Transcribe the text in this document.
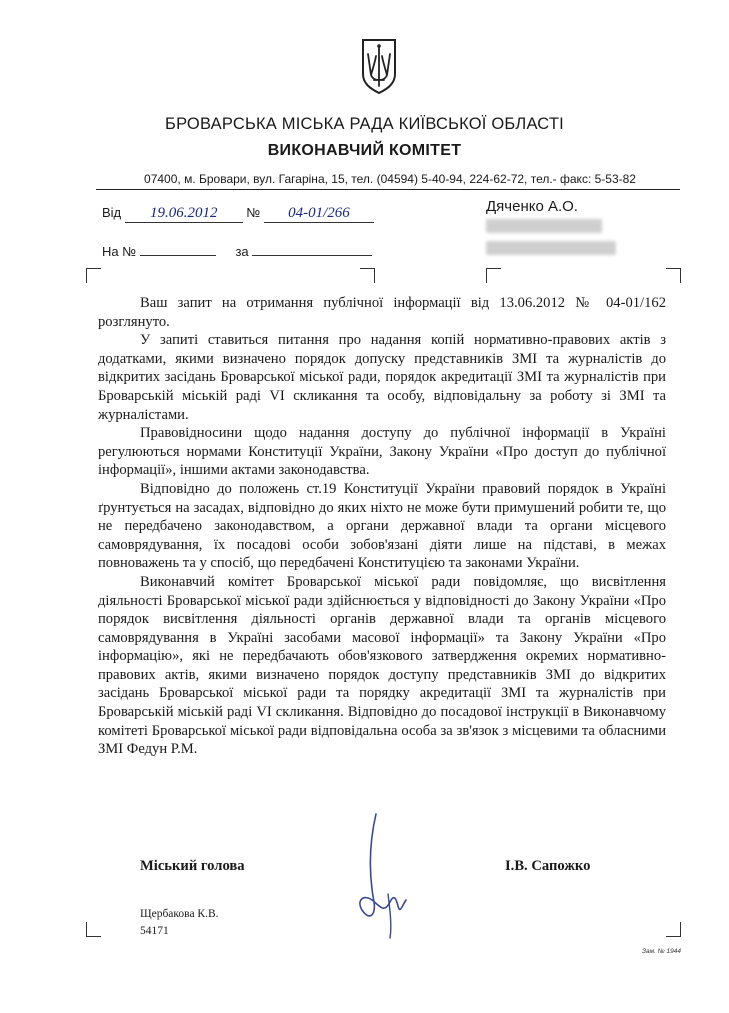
БРОВАРСЬКА МІСЬКА РАДА КИЇВСЬКОЇ ОБЛАСТІ
ВИКОНАВЧИЙ КОМІТЕТ
07400, м. Бровари, вул. Гагаріна, 15, тел. (04594) 5-40-94, 224-62-72, тел.- факс: 5-53-82
Від 19.06.2012 № 04-01/266
На №	за
Дяченко А.О.

Ваш запит на отримання публічної інформації від 13.06.2012 № 04-01/162 розглянуто.

У запиті ставиться питання про надання копій нормативно-правових актів з додатками, якими визначено порядок допуску представників ЗМІ та журналістів до відкритих засідань Броварської міської ради, порядок акредитації ЗМІ та журналістів при Броварській міській раді VI скликання та особу, відповідальну за роботу зі ЗМІ та журналістами.

Правовідносини щодо надання доступу до публічної інформації в Україні регулюються нормами Конституції України, Закону України «Про доступ до публічної інформації», іншими актами законодавства.

Відповідно до положень ст.19 Конституції України правовий порядок в Україні ґрунтується на засадах, відповідно до яких ніхто не може бути примушений робити те, що не передбачено законодавством, а органи державної влади та органи місцевого самоврядування, їх посадові особи зобов'язані діяти лише на підставі, в межах повноважень та у спосіб, що передбачені Конституцією та законами України.

Виконавчий комітет Броварської міської ради повідомляє, що висвітлення діяльності Броварської міської ради здійснюється у відповідності до Закону України «Про порядок висвітлення діяльності органів державної влади та органів місцевого самоврядування в Україні засобами масової інформації» та Закону України «Про інформацію», які не передбачають обов'язкового затвердження окремих нормативно-правових актів, якими визначено порядок доступу представників ЗМІ до відкритих засідань Броварської міської ради та порядку акредитації ЗМІ та журналістів при Броварській міській раді VI скликання. Відповідно до посадової інструкції в Виконавчому комітеті Броварської міської ради відповідальна особа за зв'язок з місцевими та обласними ЗМІ Федун Р.М.

Міський голова	І.В. Сапожко
Щербакова К.В.
54171
Зам. № 1944
